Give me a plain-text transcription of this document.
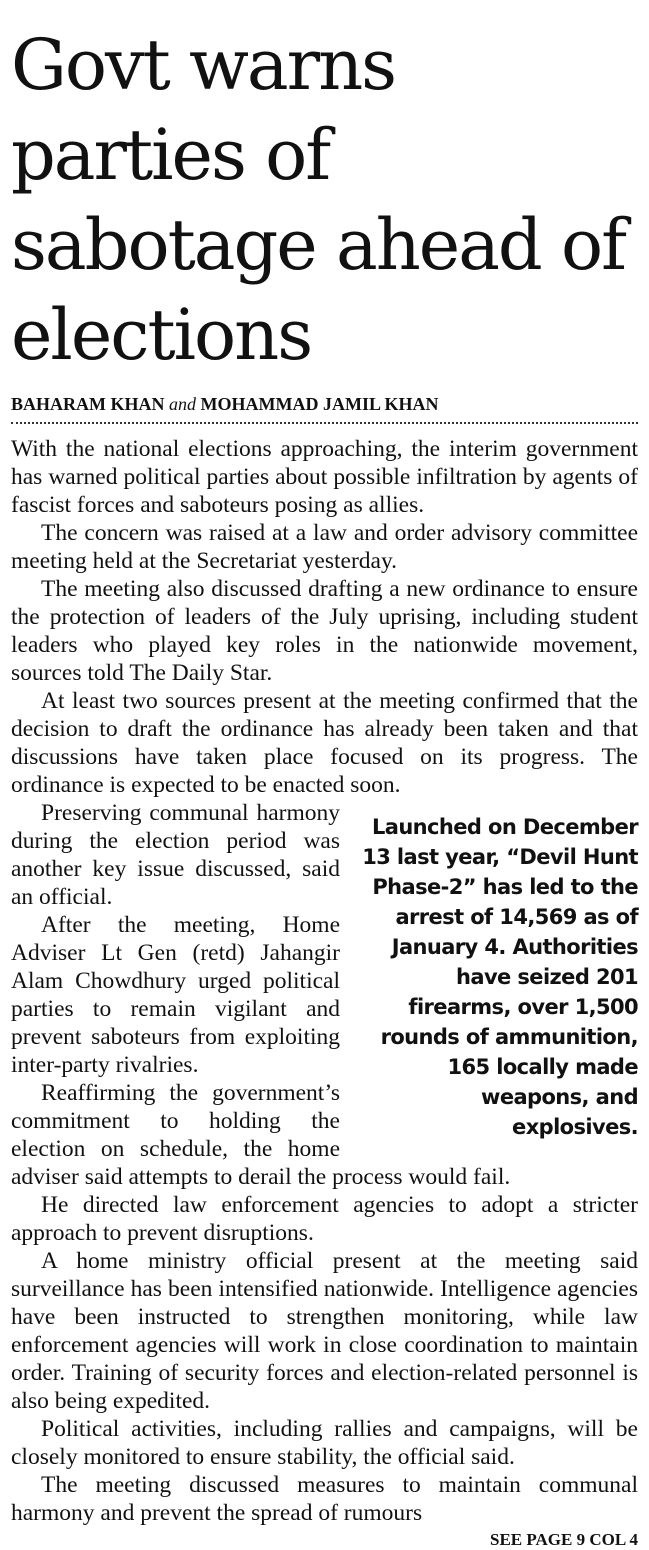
Govt warns parties of sabotage ahead of elections
BAHARAM KHAN and MOHAMMAD JAMIL KHAN

With the national elections approaching, the interim government has warned political parties about possible infiltration by agents of fascist forces and saboteurs posing as allies.

The concern was raised at a law and order advisory committee meeting held at the Secretariat yesterday.

The meeting also discussed drafting a new ordinance to ensure the protection of leaders of the July uprising, including student leaders who played key roles in the nationwide movement, sources told The Daily Star.

At least two sources present at the meeting confirmed that the decision to draft the ordinance has already been taken and that discussions have taken place focused on its progress. The ordinance is expected to be enacted soon.

Launched on December 13 last year, “Devil Hunt Phase-2” has led to the arrest of 14,569 as of January 4. Authorities have seized 201 firearms, over 1,500 rounds of ammunition, 165 locally made weapons, and explosives.

Preserving communal harmony during the election period was another key issue discussed, said an official.

After the meeting, Home Adviser Lt Gen (retd) Jahangir Alam Chowdhury urged political parties to remain vigilant and prevent saboteurs from exploiting inter-party rivalries.

Reaffirming the government’s commitment to holding the election on schedule, the home adviser said attempts to derail the process would fail.

He directed law enforcement agencies to adopt a stricter approach to prevent disruptions.

A home ministry official present at the meeting said surveillance has been intensified nationwide. Intelligence agencies have been instructed to strengthen monitoring, while law enforcement agencies will work in close coordination to maintain order. Training of security forces and election-related personnel is also being expedited.

Political activities, including rallies and campaigns, will be closely monitored to ensure stability, the official said.

The meeting discussed measures to maintain communal harmony and prevent the spread of rumours

SEE PAGE 9 COL 4
